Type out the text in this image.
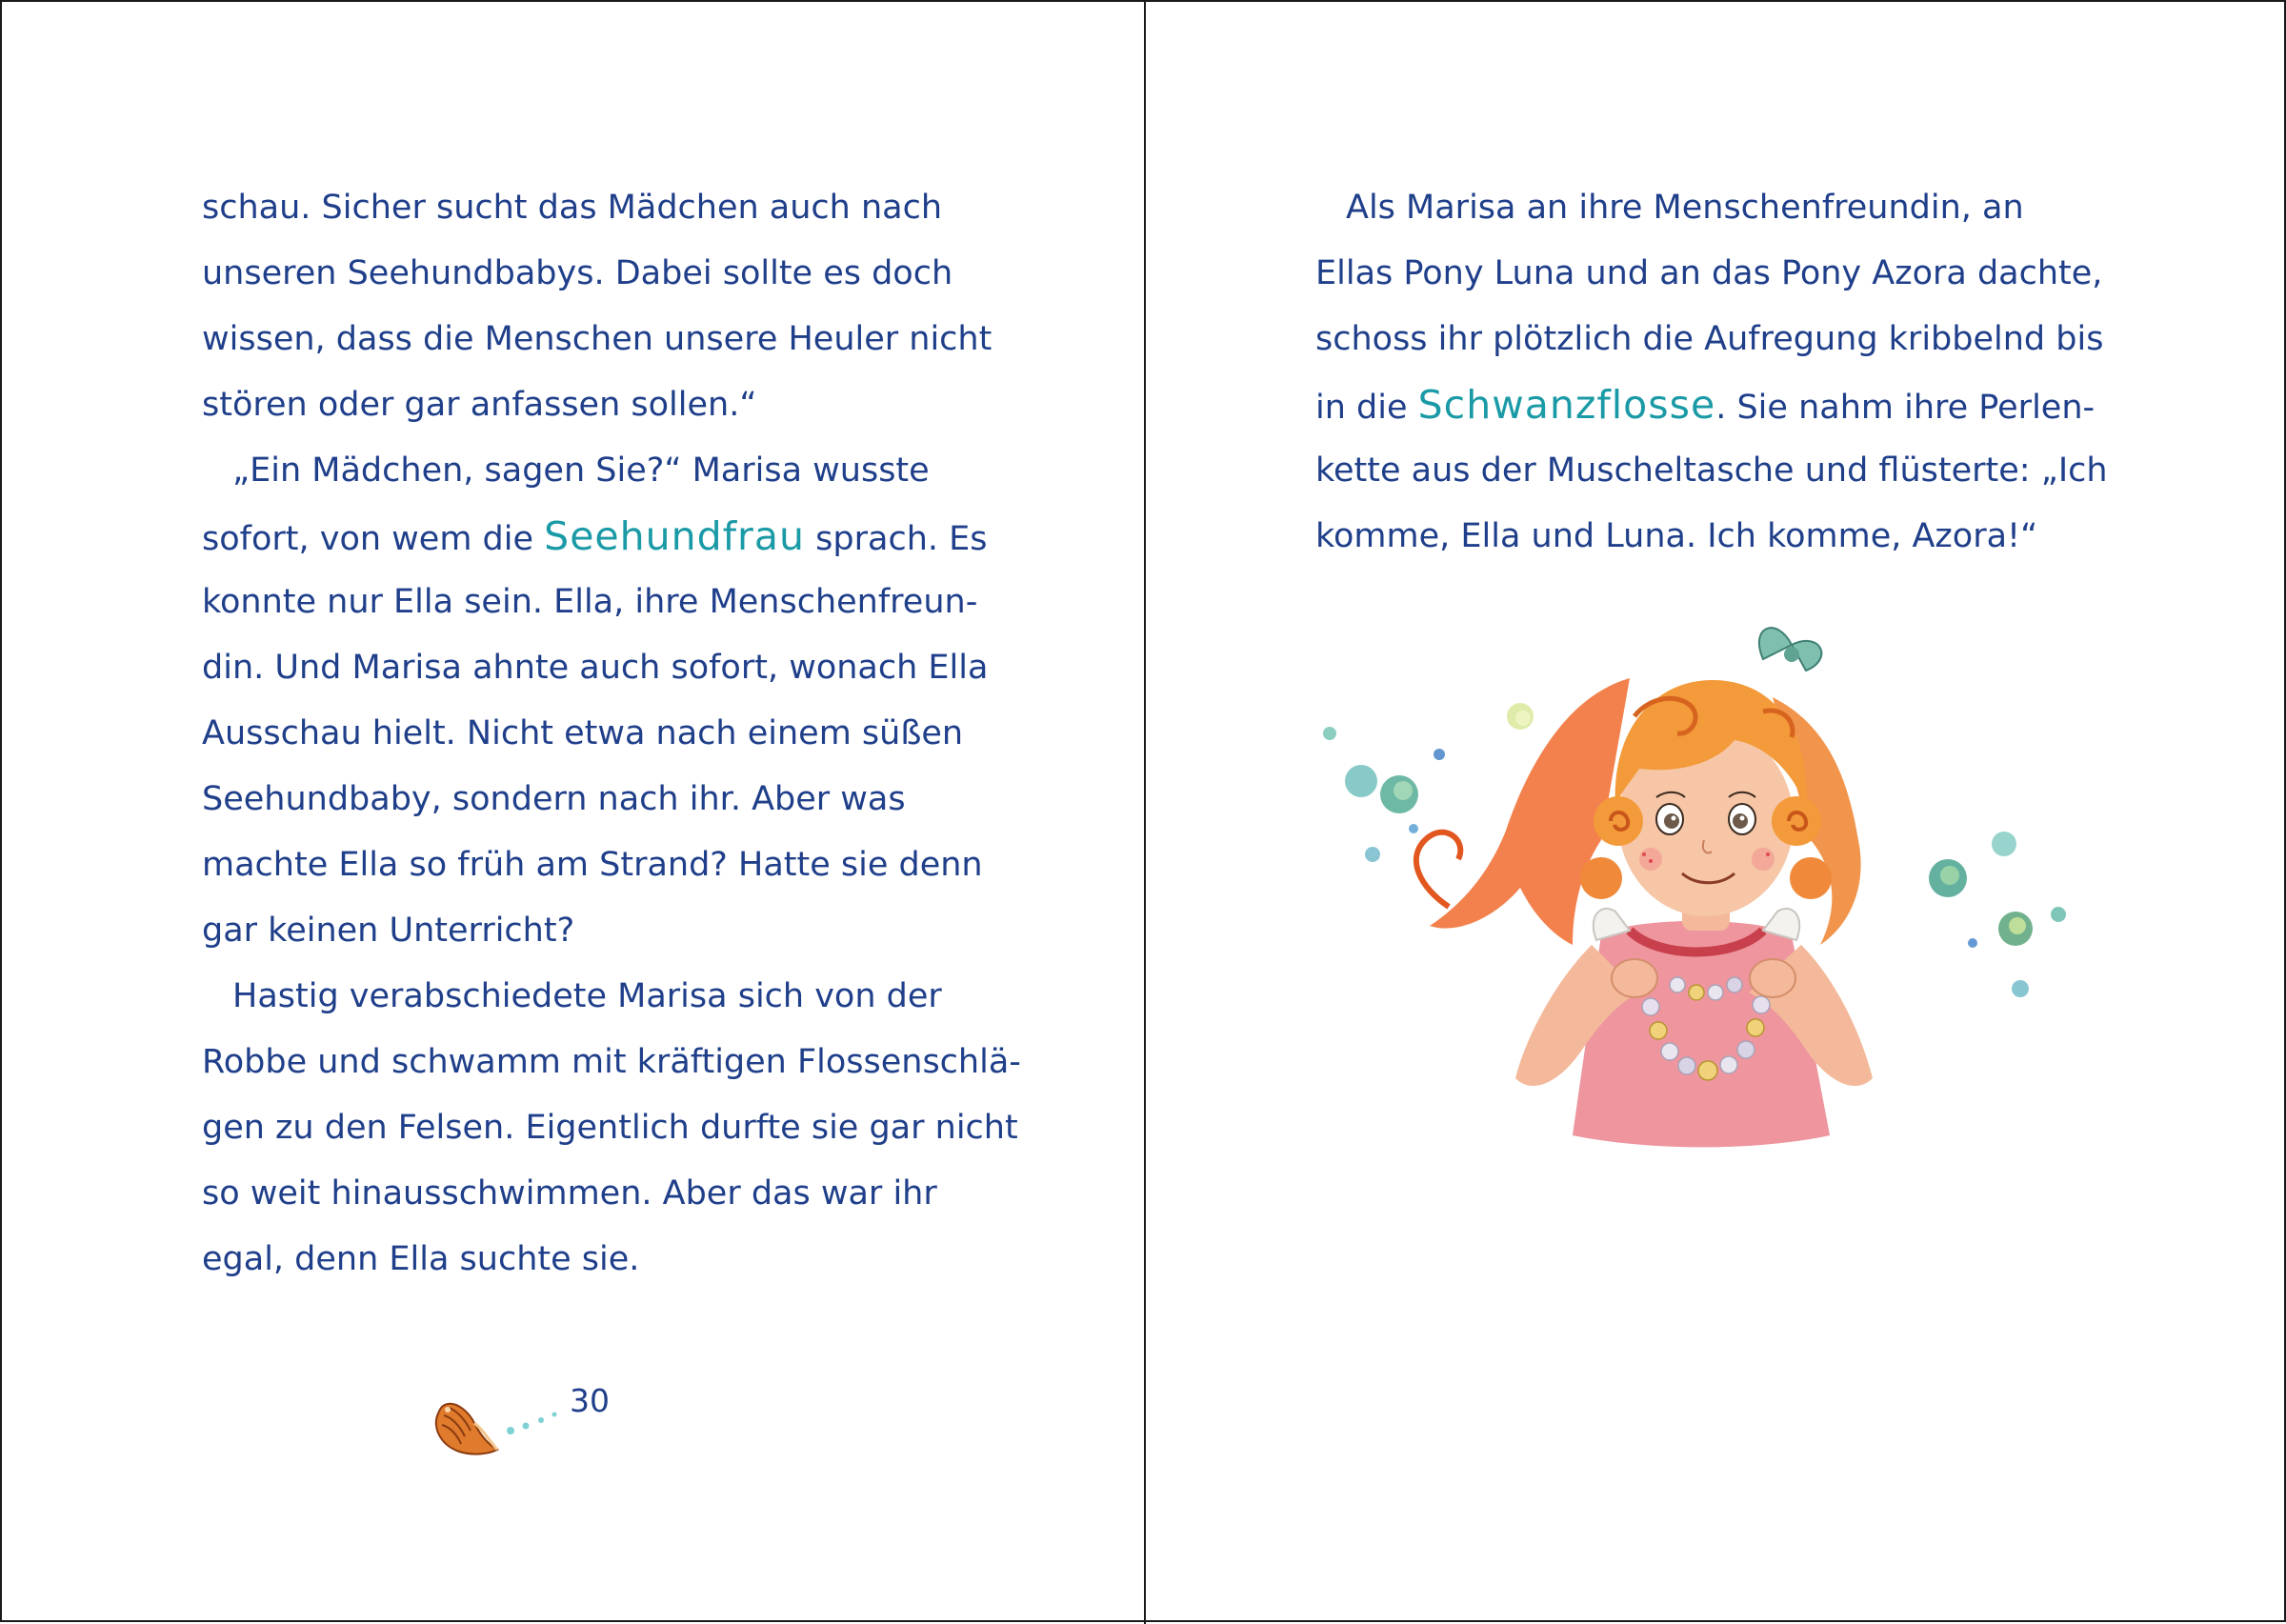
schau. Sicher sucht das Mädchen auch nach
unseren Seehundbabys. Dabei sollte es doch
wissen, dass die Menschen unsere Heuler nicht
stören oder gar anfassen sollen.“
„Ein Mädchen, sagen Sie?“ Marisa wusste
sofort, von wem die Seehundfrau sprach. Es
konnte nur Ella sein. Ella, ihre Menschenfreun-
din. Und Marisa ahnte auch sofort, wonach Ella
Ausschau hielt. Nicht etwa nach einem süßen
Seehundbaby, sondern nach ihr. Aber was
machte Ella so früh am Strand? Hatte sie denn
gar keinen Unterricht?
Hastig verabschiedete Marisa sich von der
Robbe und schwamm mit kräftigen Flossenschlä-
gen zu den Felsen. Eigentlich durfte sie gar nicht
so weit hinausschwimmen. Aber das war ihr
egal, denn Ella suchte sie.
30
Als Marisa an ihre Menschenfreundin, an
Ellas Pony Luna und an das Pony Azora dachte,
schoss ihr plötzlich die Aufregung kribbelnd bis
in die Schwanzflosse. Sie nahm ihre Perlen-
kette aus der Muscheltasche und flüsterte: „Ich
komme, Ella und Luna. Ich komme, Azora!“
